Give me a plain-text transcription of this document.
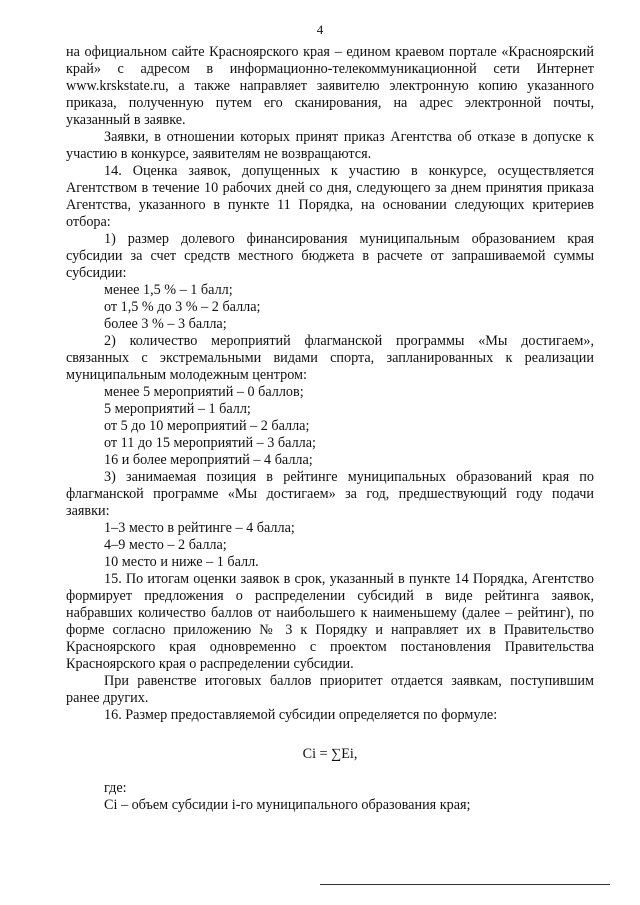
4

на официальном сайте Красноярского края – едином краевом портале «Красноярский край» с адресом в информационно-телекоммуникационной сети Интернет www.krskstate.ru, а также направляет заявителю электронную копию указанного приказа, полученную путем его сканирования, на адрес электронной почты, указанный в заявке.

Заявки, в отношении которых принят приказ Агентства об отказе в допуске к участию в конкурсе, заявителям не возвращаются.

14. Оценка заявок, допущенных к участию в конкурсе, осуществляется Агентством в течение 10 рабочих дней со дня, следующего за днем принятия приказа Агентства, указанного в пункте 11 Порядка, на основании следующих критериев отбора:

1) размер долевого финансирования муниципальным образованием края субсидии за счет средств местного бюджета в расчете от запрашиваемой суммы субсидии:

менее 1,5 % – 1 балл;

от 1,5 % до 3 % – 2 балла;

более 3 % – 3 балла;

2) количество мероприятий флагманской программы «Мы достигаем», связанных с экстремальными видами спорта, запланированных к реализации муниципальным молодежным центром:

менее 5 мероприятий – 0 баллов;

5 мероприятий – 1 балл;

от 5 до 10 мероприятий – 2 балла;

от 11 до 15 мероприятий – 3 балла;

16 и более мероприятий – 4 балла;

3) занимаемая позиция в рейтинге муниципальных образований края по флагманской программе «Мы достигаем» за год, предшествующий году подачи заявки:

1–3 место в рейтинге – 4 балла;

4–9 место – 2 балла;

10 место и ниже – 1 балл.

15. По итогам оценки заявок в срок, указанный в пункте 14 Порядка, Агентство формирует предложения о распределении субсидий в виде рейтинга заявок, набравших количество баллов от наибольшего к наименьшему (далее – рейтинг), по форме согласно приложению № 3 к Порядку и направляет их в Правительство Красноярского края одновременно с проектом постановления Правительства Красноярского края о распределении субсидии.

При равенстве итоговых баллов приоритет отдается заявкам, поступившим ранее других.

16. Размер предоставляемой субсидии определяется по формуле:

Ci = ∑Ei,

где:

Ci – объем субсидии i-го муниципального образования края;
